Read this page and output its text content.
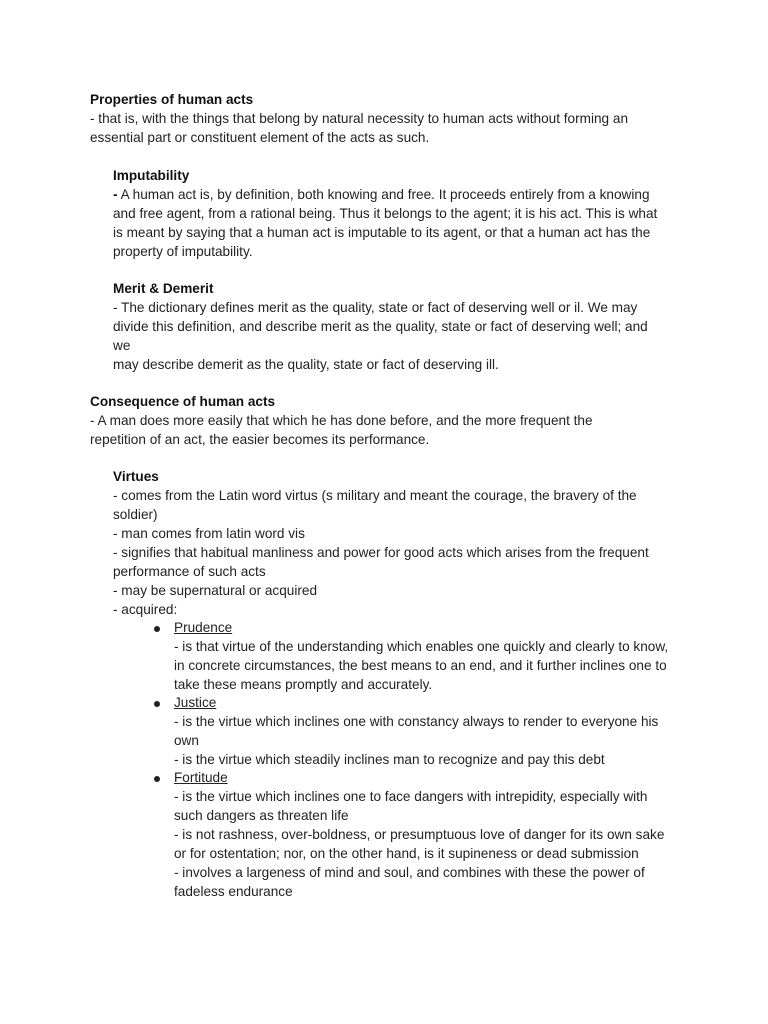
Properties of human acts
- that is, with the things that belong by natural necessity to human acts without forming an
essential part or constituent element of the acts as such.
Imputability
- A human act is, by definition, both knowing and free. It proceeds entirely from a knowing
and free agent, from a rational being. Thus it belongs to the agent; it is his act. This is what
is meant by saying that a human act is imputable to its agent, or that a human act has the
property of imputability.
Merit & Demerit
- The dictionary defines merit as the quality, state or fact of deserving well or il. We may
divide this definition, and describe merit as the quality, state or fact of deserving well; and
we
may describe demerit as the quality, state or fact of deserving ill.
Consequence of human acts
- A man does more easily that which he has done before, and the more frequent the
repetition of an act, the easier becomes its performance.
Virtues
- comes from the Latin word virtus (s military and meant the courage, the bravery of the
soldier)
- man comes from latin word vis
- signifies that habitual manliness and power for good acts which arises from the frequent
performance of such acts
- may be supernatural or acquired
- acquired:
Prudence
- is that virtue of the understanding which enables one quickly and clearly to know,
in concrete circumstances, the best means to an end, and it further inclines one to
take these means promptly and accurately.
Justice
- is the virtue which inclines one with constancy always to render to everyone his
own
- is the virtue which steadily inclines man to recognize and pay this debt
Fortitude
- is the virtue which inclines one to face dangers with intrepidity, especially with
such dangers as threaten life
- is not rashness, over-boldness, or presumptuous love of danger for its own sake
or for ostentation; nor, on the other hand, is it supineness or dead submission
- involves a largeness of mind and soul, and combines with these the power of
fadeless endurance
